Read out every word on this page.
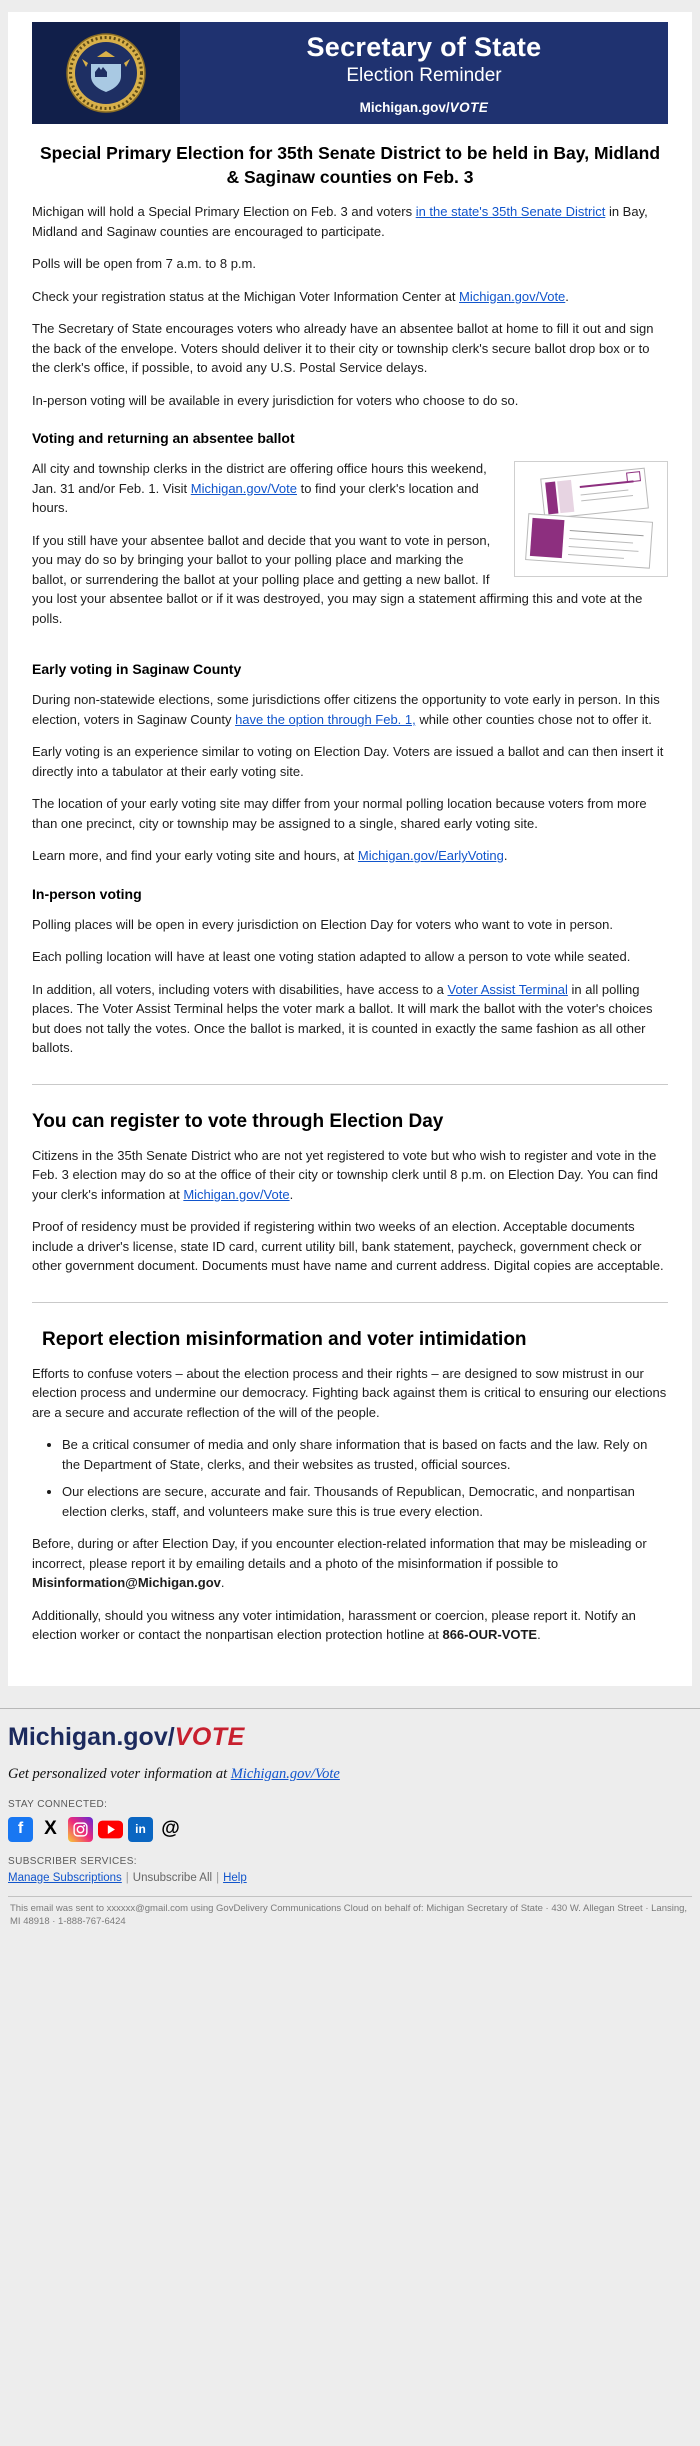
Secretary of State
Election Reminder
Michigan.gov/VOTE
Special Primary Election for 35th Senate District to be held in Bay, Midland & Saginaw counties on Feb. 3

Michigan will hold a Special Primary Election on Feb. 3 and voters in the state's 35th Senate District in Bay, Midland and Saginaw counties are encouraged to participate.

Polls will be open from 7 a.m. to 8 p.m.

Check your registration status at the Michigan Voter Information Center at Michigan.gov/Vote.

The Secretary of State encourages voters who already have an absentee ballot at home to fill it out and sign the back of the envelope. Voters should deliver it to their city or township clerk's secure ballot drop box or to the clerk's office, if possible, to avoid any U.S. Postal Service delays.

In-person voting will be available in every jurisdiction for voters who choose to do so.

Voting and returning an absentee ballot

All city and township clerks in the district are offering office hours this weekend, Jan. 31 and/or Feb. 1. Visit Michigan.gov/Vote to find your clerk's location and hours.

If you still have your absentee ballot and decide that you want to vote in person, you may do so by bringing your ballot to your polling place and marking the ballot, or surrendering the ballot at your polling place and getting a new ballot. If you lost your absentee ballot or if it was destroyed, you may sign a statement affirming this and vote at the polls.

Early voting in Saginaw County

During non-statewide elections, some jurisdictions offer citizens the opportunity to vote early in person. In this election, voters in Saginaw County have the option through Feb. 1, while other counties chose not to offer it.

Early voting is an experience similar to voting on Election Day. Voters are issued a ballot and can then insert it directly into a tabulator at their early voting site.

The location of your early voting site may differ from your normal polling location because voters from more than one precinct, city or township may be assigned to a single, shared early voting site.

Learn more, and find your early voting site and hours, at Michigan.gov/EarlyVoting.

In-person voting

Polling places will be open in every jurisdiction on Election Day for voters who want to vote in person.

Each polling location will have at least one voting station adapted to allow a person to vote while seated.

In addition, all voters, including voters with disabilities, have access to a Voter Assist Terminal in all polling places. The Voter Assist Terminal helps the voter mark a ballot. It will mark the ballot with the voter's choices but does not tally the votes. Once the ballot is marked, it is counted in exactly the same fashion as all other ballots.

You can register to vote through Election Day

Citizens in the 35th Senate District who are not yet registered to vote but who wish to register and vote in the Feb. 3 election may do so at the office of their city or township clerk until 8 p.m. on Election Day. You can find your clerk's information at Michigan.gov/Vote.

Proof of residency must be provided if registering within two weeks of an election. Acceptable documents include a driver's license, state ID card, current utility bill, bank statement, paycheck, government check or other government document. Documents must have name and current address. Digital copies are acceptable.

Report election misinformation and voter intimidation

Efforts to confuse voters – about the election process and their rights – are designed to sow mistrust in our election process and undermine our democracy. Fighting back against them is critical to ensuring our elections are a secure and accurate reflection of the will of the people.

• Be a critical consumer of media and only share information that is based on facts and the law. Rely on the Department of State, clerks, and their websites as trusted, official sources.
• Our elections are secure, accurate and fair. Thousands of Republican, Democratic, and nonpartisan election clerks, staff, and volunteers make sure this is true every election.

Before, during or after Election Day, if you encounter election-related information that may be misleading or incorrect, please report it by emailing details and a photo of the misinformation if possible to Misinformation@Michigan.gov.

Additionally, should you witness any voter intimidation, harassment or coercion, please report it. Notify an election worker or contact the nonpartisan election protection hotline at 866-OUR-VOTE.

Michigan.gov/VOTE
Get personalized voter information at Michigan.gov/Vote
STAY CONNECTED:
f
X
in
@
SUBSCRIBER SERVICES:
Manage Subscriptions | Unsubscribe All | Help
This email was sent to xxxxxx@gmail.com using GovDelivery Communications Cloud on behalf of: Michigan Secretary of State · 430 W. Allegan Street · Lansing, MI 48918 · 1-888-767-6424
